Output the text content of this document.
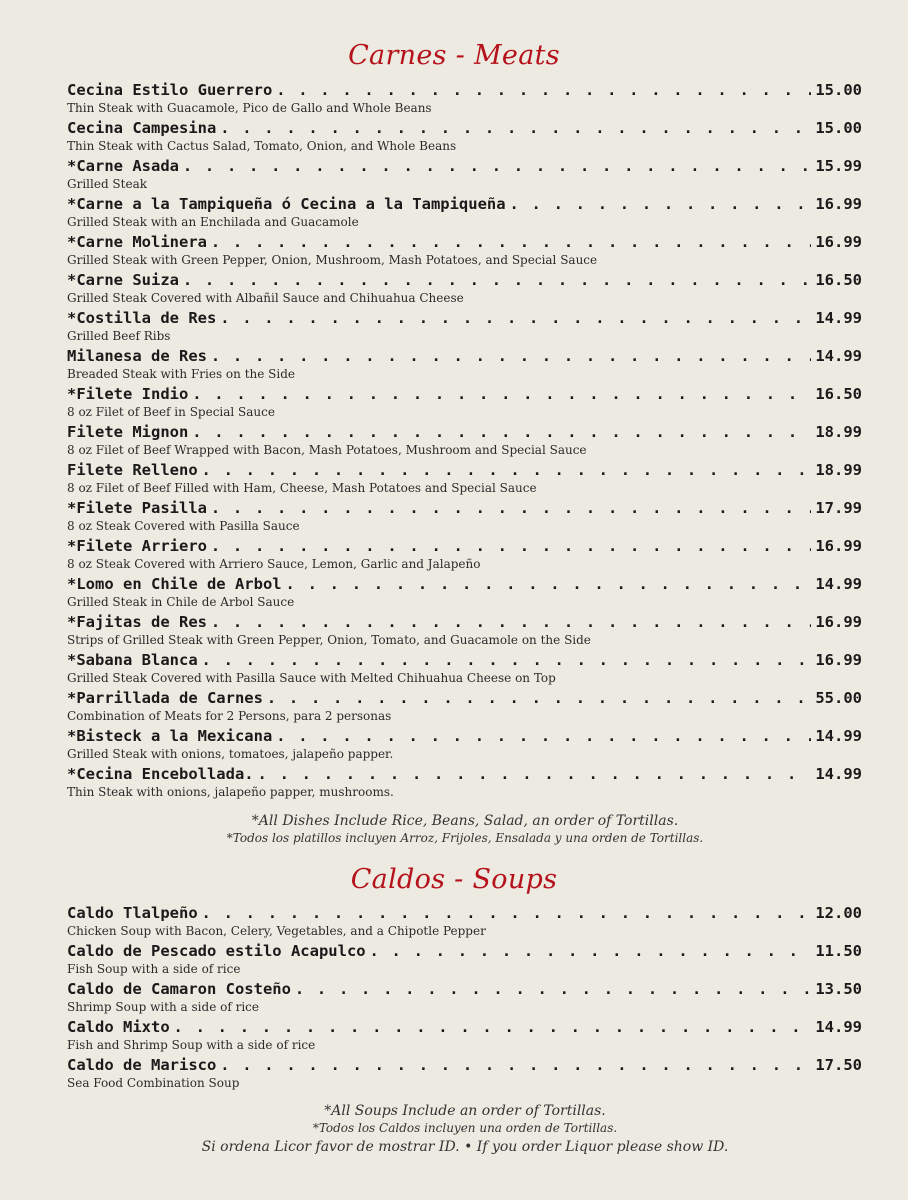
Carnes - Meats
Cecina Estilo Guerrero . . .	15.00
Thin Steak with Guacamole, Pico de Gallo and Whole Beans
Cecina Campesina . . .	15.00
Thin Steak with Cactus Salad, Tomato, Onion, and Whole Beans
*Carne Asada . . .	15.99
Grilled Steak
*Carne a la Tampiqueña ó Cecina a la Tampiqueña . . .	16.99
Grilled Steak with an Enchilada and Guacamole
*Carne Molinera . . .	16.99
Grilled Steak with Green Pepper, Onion, Mushroom, Mash Potatoes, and Special Sauce
*Carne Suiza . . .	16.50
Grilled Steak Covered with Albañil Sauce and Chihuahua Cheese
*Costilla de Res . . .	14.99
Grilled Beef Ribs
Milanesa de Res . . .	14.99
Breaded Steak with Fries on the Side
*Filete Indio . . .	16.50
8 oz Filet of Beef in Special Sauce
Filete Mignon . . .	18.99
8 oz Filet of Beef Wrapped with Bacon, Mash Potatoes, Mushroom and Special Sauce
Filete Relleno . . .	18.99
8 oz Filet of Beef Filled with Ham, Cheese, Mash Potatoes and Special Sauce
*Filete Pasilla . . .	17.99
8 oz Steak Covered with Pasilla Sauce
*Filete Arriero . . .	16.99
8 oz Steak Covered with Arriero Sauce, Lemon, Garlic and Jalapeño
*Lomo en Chile de Arbol . . .	14.99
Grilled Steak in Chile de Arbol Sauce
*Fajitas de Res . . .	16.99
Strips of Grilled Steak with Green Pepper, Onion, Tomato, and Guacamole on the Side
*Sabana Blanca . . .	16.99
Grilled Steak Covered with Pasilla Sauce with Melted Chihuahua Cheese on Top
*Parrillada de Carnes . . .	55.00
Combination of Meats for 2 Persons, para 2 personas
*Bisteck a la Mexicana . . .	14.99
Grilled Steak with onions, tomatoes, jalapeño papper.
*Cecina Encebollada. . . .	14.99
Thin Steak with onions, jalapeño papper, mushrooms.
*All Dishes Include Rice, Beans, Salad, an order of Tortillas.
*Todos los platillos incluyen Arroz, Frijoles, Ensalada y una orden de Tortillas.
Caldos - Soups
Caldo Tlalpeño . . .	12.00
Chicken Soup with Bacon, Celery, Vegetables, and a Chipotle Pepper
Caldo de Pescado estilo Acapulco . . .	11.50
Fish Soup with a side of rice
Caldo de Camaron Costeño . . .	13.50
Shrimp Soup with a side of rice
Caldo Mixto . . .	14.99
Fish and Shrimp Soup with a side of rice
Caldo de Marisco . . .	17.50
Sea Food Combination Soup
*All Soups Include an order of Tortillas.
*Todos los Caldos incluyen una orden de Tortillas.
Si ordena Licor favor de mostrar ID. • If you order Liquor please show ID.
